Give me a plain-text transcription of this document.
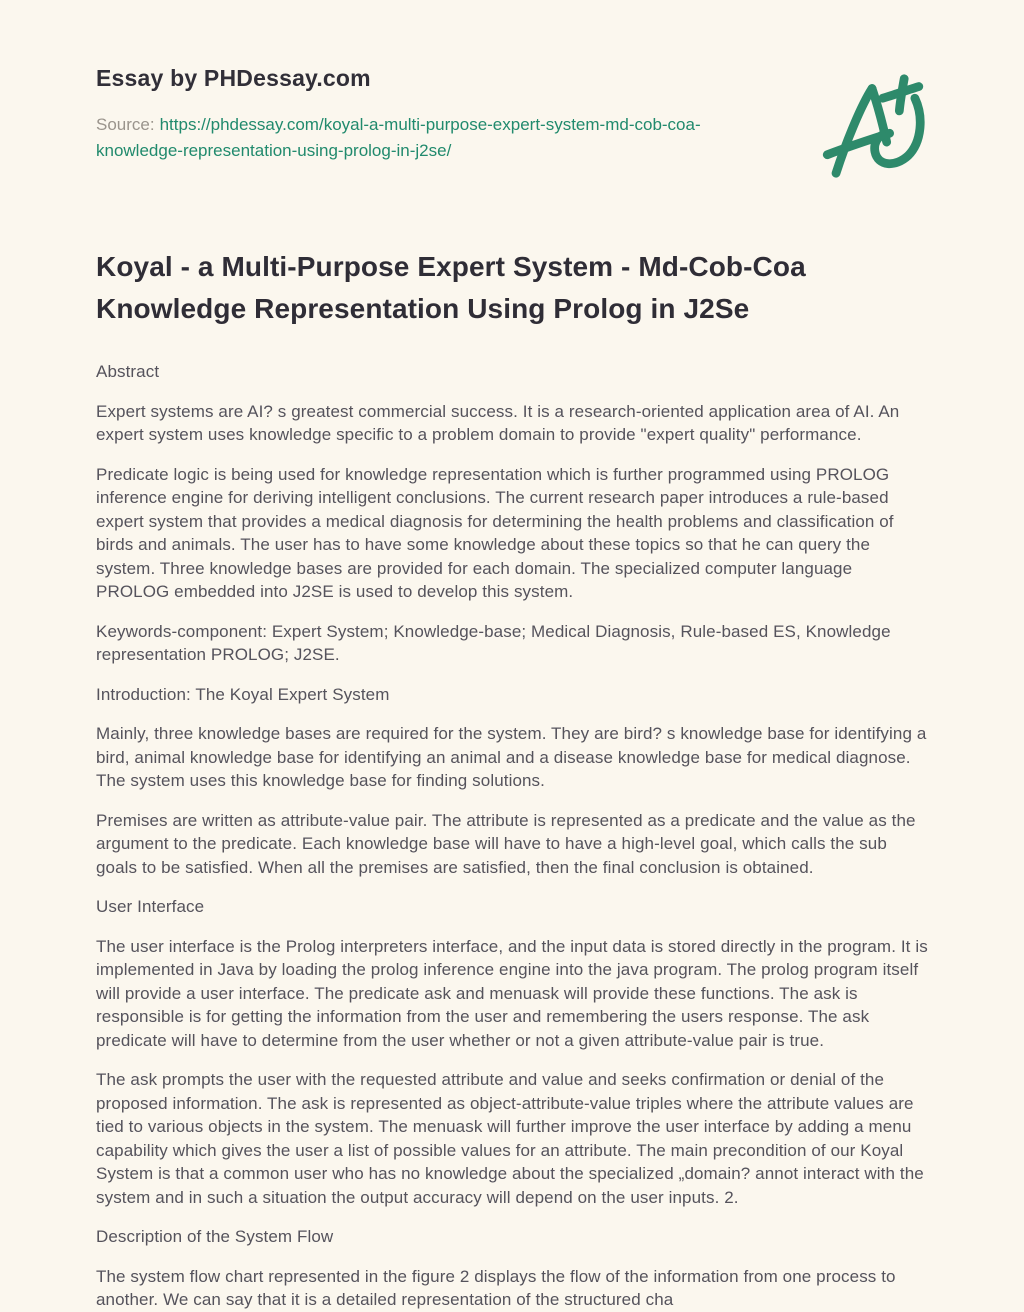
Essay by PHDessay.com
Source: https://phdessay.com/koyal-a-multi-purpose-expert-system-md-cob-coa-knowledge-representation-using-prolog-in-j2se/
Koyal - a Multi-Purpose Expert System - Md-Cob-Coa Knowledge Representation Using Prolog in J2Se

Abstract

Expert systems are AI? s greatest commercial success. It is a research-oriented application area of AI. An expert system uses knowledge specific to a problem domain to provide "expert quality" performance.

Predicate logic is being used for knowledge representation which is further programmed using PROLOG inference engine for deriving intelligent conclusions. The current research paper introduces a rule-based expert system that provides a medical diagnosis for determining the health problems and classification of birds and animals. The user has to have some knowledge about these topics so that he can query the system. Three knowledge bases are provided for each domain. The specialized computer language PROLOG embedded into J2SE is used to develop this system.

Keywords-component: Expert System; Knowledge-base; Medical Diagnosis, Rule-based ES, Knowledge representation PROLOG; J2SE.

Introduction: The Koyal Expert System

Mainly, three knowledge bases are required for the system. They are bird? s knowledge base for identifying a bird, animal knowledge base for identifying an animal and a disease knowledge base for medical diagnose. The system uses this knowledge base for finding solutions.

Premises are written as attribute-value pair. The attribute is represented as a predicate and the value as the argument to the predicate. Each knowledge base will have to have a high-level goal, which calls the sub goals to be satisfied. When all the premises are satisfied, then the final conclusion is obtained.

User Interface

The user interface is the Prolog interpreters interface, and the input data is stored directly in the program. It is implemented in Java by loading the prolog inference engine into the java program. The prolog program itself will provide a user interface. The predicate ask and menuask will provide these functions. The ask is responsible is for getting the information from the user and remembering the users response. The ask predicate will have to determine from the user whether or not a given attribute-value pair is true.

The ask prompts the user with the requested attribute and value and seeks confirmation or denial of the proposed information. The ask is represented as object-attribute-value triples where the attribute values are tied to various objects in the system. The menuask will further improve the user interface by adding a menu capability which gives the user a list of possible values for an attribute. The main precondition of our Koyal System is that a common user who has no knowledge about the specialized „domain? annot interact with the system and in such a situation the output accuracy will depend on the user inputs. 2.

Description of the System Flow

The system flow chart represented in the figure 2 displays the flow of the information from one process to another. We can say that it is a detailed representation of the structured cha
